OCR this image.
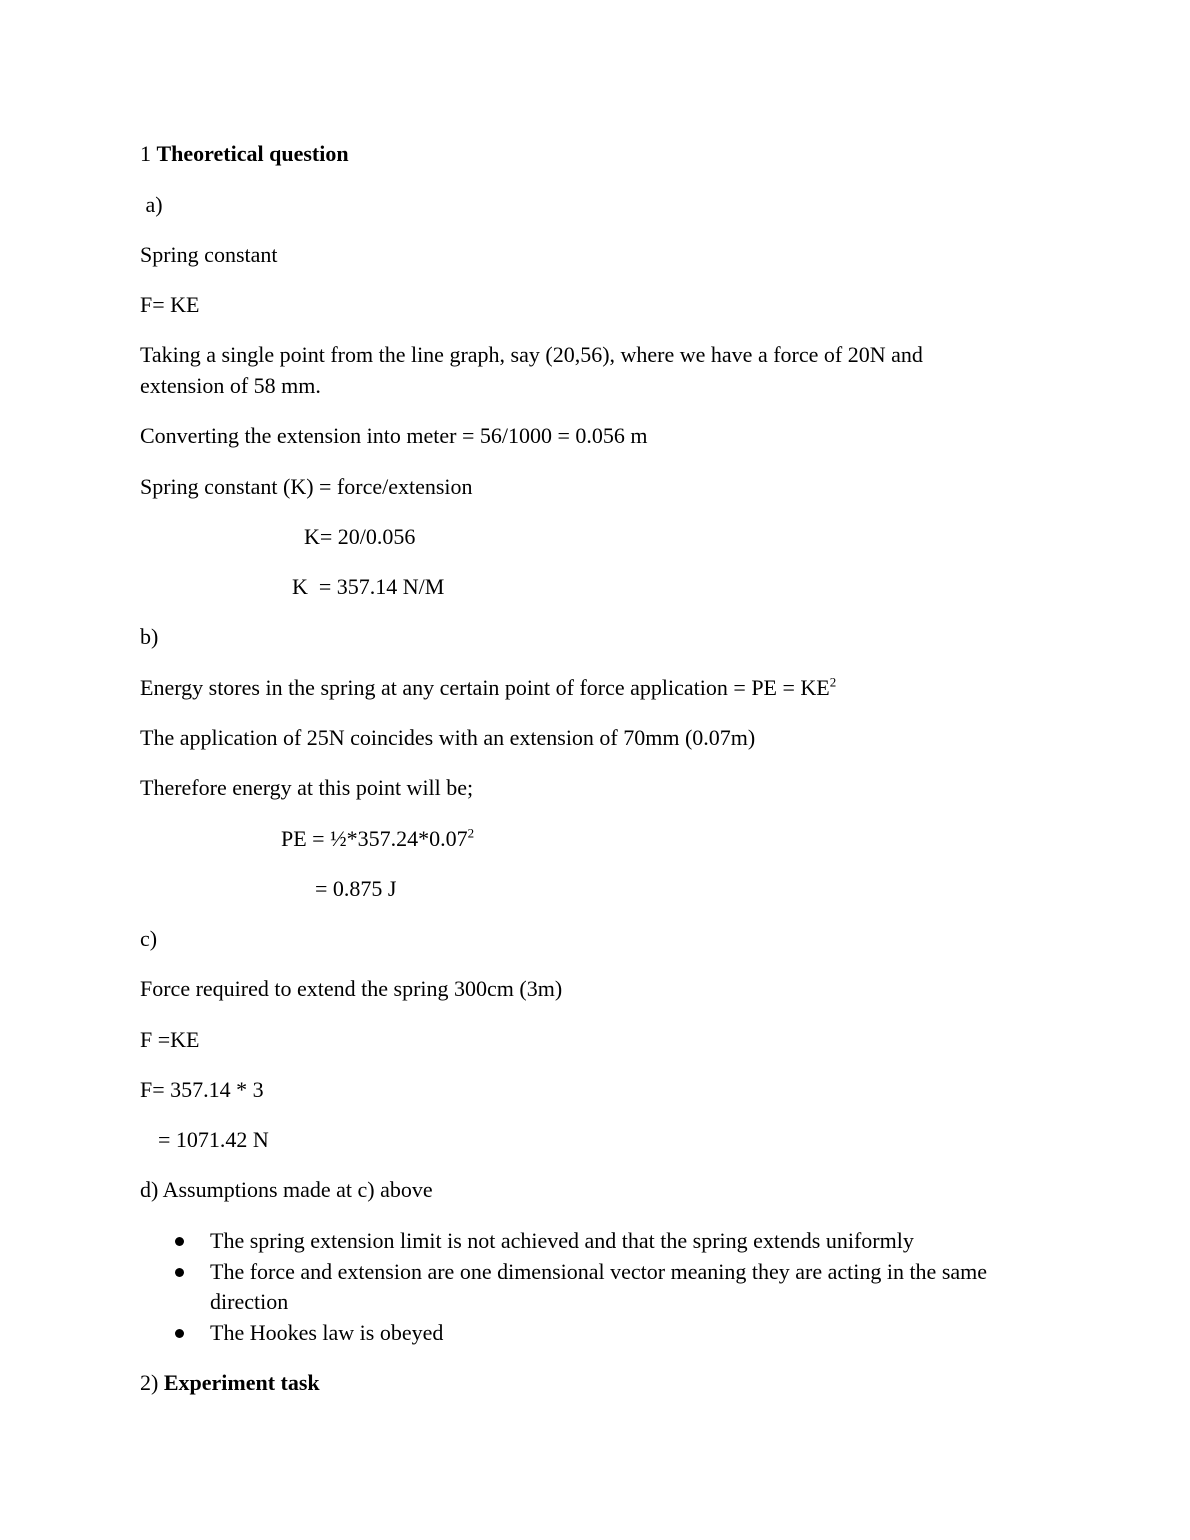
1 Theoretical question

a)

Spring constant

F= KE

Taking a single point from the line graph, say (20,56), where we have a force of 20N and extension of 58 mm.

Converting the extension into meter = 56/1000 = 0.056 m

Spring constant (K) = force/extension

K= 20/0.056

K  = 357.14 N/M

b)

Energy stores in the spring at any certain point of force application = PE = $KE^2$

The application of 25N coincides with an extension of 70mm (0.07m)

Therefore energy at this point will be;

PE = $\frac{1}{2}*357.24*0.07^2$

= 0.875 J

c)

Force required to extend the spring 300cm (3m)

F =KE

F= 357.14 * 3

= 1071.42 N

d) Assumptions made at c) above

The spring extension limit is not achieved and that the spring extends uniformly
The force and extension are one dimensional vector meaning they are acting in the same direction
The Hookes law is obeyed

2) Experiment task
